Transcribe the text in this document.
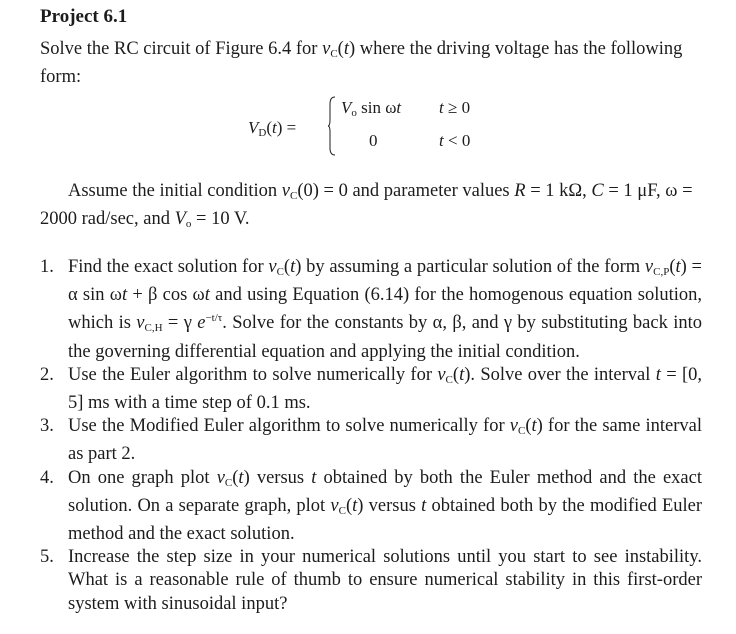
Project 6.1
Solve the RC circuit of Figure 6.4 for $v_C(t)$ where the driving voltage has the following form:
$V_D(t)$ =
$V_o$ sin ωt t ≥ 0
0	t < 0
Assume the initial condition $v_C(0) = 0$ and parameter values R = 1 kΩ, C = 1 μF, ω = 2000 rad/sec, and $V_o = 10$ V.
1. Find the exact solution for $v_C(t)$ by assuming a particular solution of the form $v_{C,P}(t) = \alpha$ sin ωt + β cos ωt and using Equation (6.14) for the homogenous equation solution, which is $v_{C,H} = \gamma$ $e^{-t/\tau}$. Solve for the constants by α, β, and γ by substituting back into the governing differential equation and applying the initial condition.
2. Use the Euler algorithm to solve numerically for $v_C(t)$. Solve over the interval t = [0, 5] ms with a time step of 0.1 ms.
3. Use the Modified Euler algorithm to solve numerically for $v_C(t)$ for the same interval as part 2.
4. On one graph plot $v_C(t)$ versus t obtained by both the Euler method and the exact solution. On a separate graph, plot $v_C(t)$ versus t obtained both by the modified Euler method and the exact solution.
5. Increase the step size in your numerical solutions until you start to see instability. What is a reasonable rule of thumb to ensure numerical stability in this first-order system with sinusoidal input?
